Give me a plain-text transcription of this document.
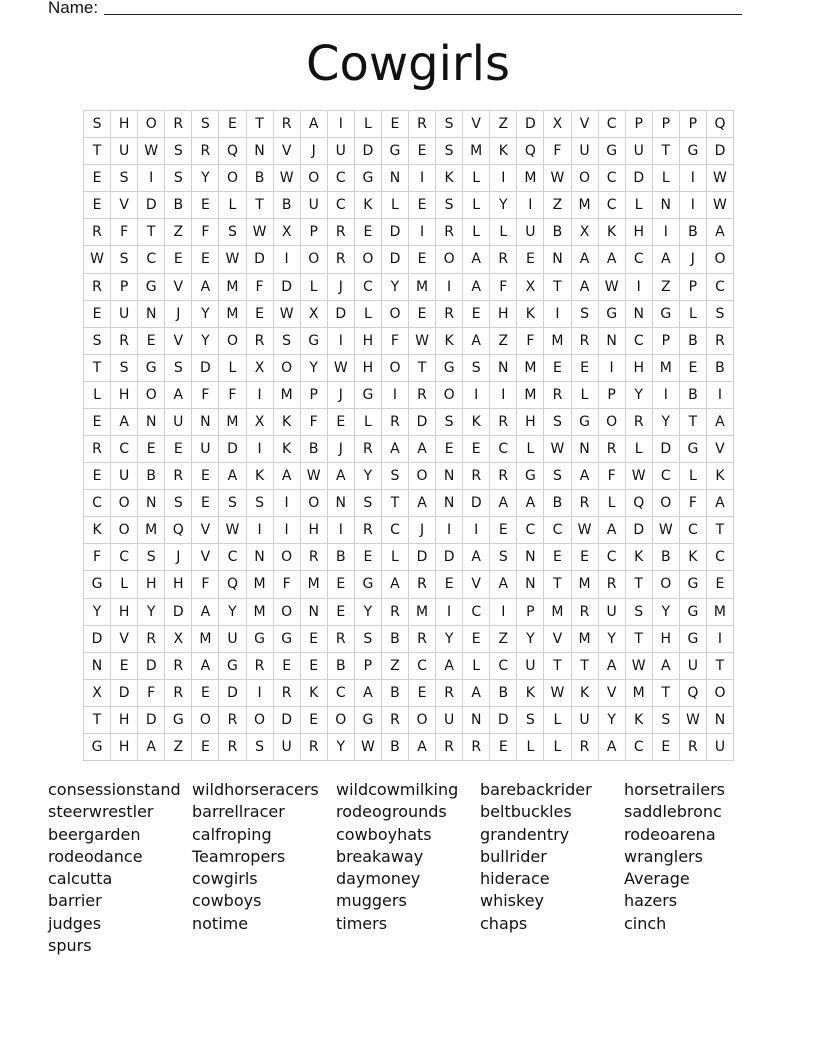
Name:
Cowgirls
S	H	O	R	S	E	T	R	A	I	L	E	R	S	V	Z	D	X	V	C	P	P	P	Q
T	U	W	S	R	Q	N	V	J	U	D	G	E	S	M	K	Q	F	U	G	U	T	G	D
E	S	I	S	Y	O	B	W	O	C	G	N	I	K	L	I	M	W	O	C	D	L	I	W
E	V	D	B	E	L	T	B	U	C	K	L	E	S	L	Y	I	Z	M	C	L	N	I	W
R	F	T	Z	F	S	W	X	P	R	E	D	I	R	L	L	U	B	X	K	H	I	B	A
W	S	C	E	E	W	D	I	O	R	O	D	E	O	A	R	E	N	A	A	C	A	J	O
R	P	G	V	A	M	F	D	L	J	C	Y	M	I	A	F	X	T	A	W	I	Z	P	C
E	U	N	J	Y	M	E	W	X	D	L	O	E	R	E	H	K	I	S	G	N	G	L	S
S	R	E	V	Y	O	R	S	G	I	H	F	W	K	A	Z	F	M	R	N	C	P	B	R
T	S	G	S	D	L	X	O	Y	W	H	O	T	G	S	N	M	E	E	I	H	M	E	B
L	H	O	A	F	F	I	M	P	J	G	I	R	O	I	I	M	R	L	P	Y	I	B	I
E	A	N	U	N	M	X	K	F	E	L	R	D	S	K	R	H	S	G	O	R	Y	T	A
R	C	E	E	U	D	I	K	B	J	R	A	A	E	E	C	L	W	N	R	L	D	G	V
E	U	B	R	E	A	K	A	W	A	Y	S	O	N	R	R	G	S	A	F	W	C	L	K
C	O	N	S	E	S	S	I	O	N	S	T	A	N	D	A	A	B	R	L	Q	O	F	A
K	O	M	Q	V	W	I	I	H	I	R	C	J	I	I	E	C	C	W	A	D	W	C	T
F	C	S	J	V	C	N	O	R	B	E	L	D	D	A	S	N	E	E	C	K	B	K	C
G	L	H	H	F	Q	M	F	M	E	G	A	R	E	V	A	N	T	M	R	T	O	G	E
Y	H	Y	D	A	Y	M	O	N	E	Y	R	M	I	C	I	P	M	R	U	S	Y	G	M
D	V	R	X	M	U	G	G	E	R	S	B	R	Y	E	Z	Y	V	M	Y	T	H	G	I
N	E	D	R	A	G	R	E	E	B	P	Z	C	A	L	C	U	T	T	A	W	A	U	T
X	D	F	R	E	D	I	R	K	C	A	B	E	R	A	B	K	W	K	V	M	T	Q	O
T	H	D	G	O	R	O	D	E	O	G	R	O	U	N	D	S	L	U	Y	K	S	W	N
G	H	A	Z	E	R	S	U	R	Y	W	B	A	R	R	E	L	L	R	A	C	E	R	U
consessionstand
steerwrestler
beergarden
rodeodance
calcutta
barrier
judges
spurs
wildhorseracers
barrellracer
calfroping
Teamropers
cowgirls
cowboys
notime
wildcowmilking
rodeogrounds
cowboyhats
breakaway
daymoney
muggers
timers
barebackrider
beltbuckles
grandentry
bullrider
hiderace
whiskey
chaps
horsetrailers
saddlebronc
rodeoarena
wranglers
Average
hazers
cinch
